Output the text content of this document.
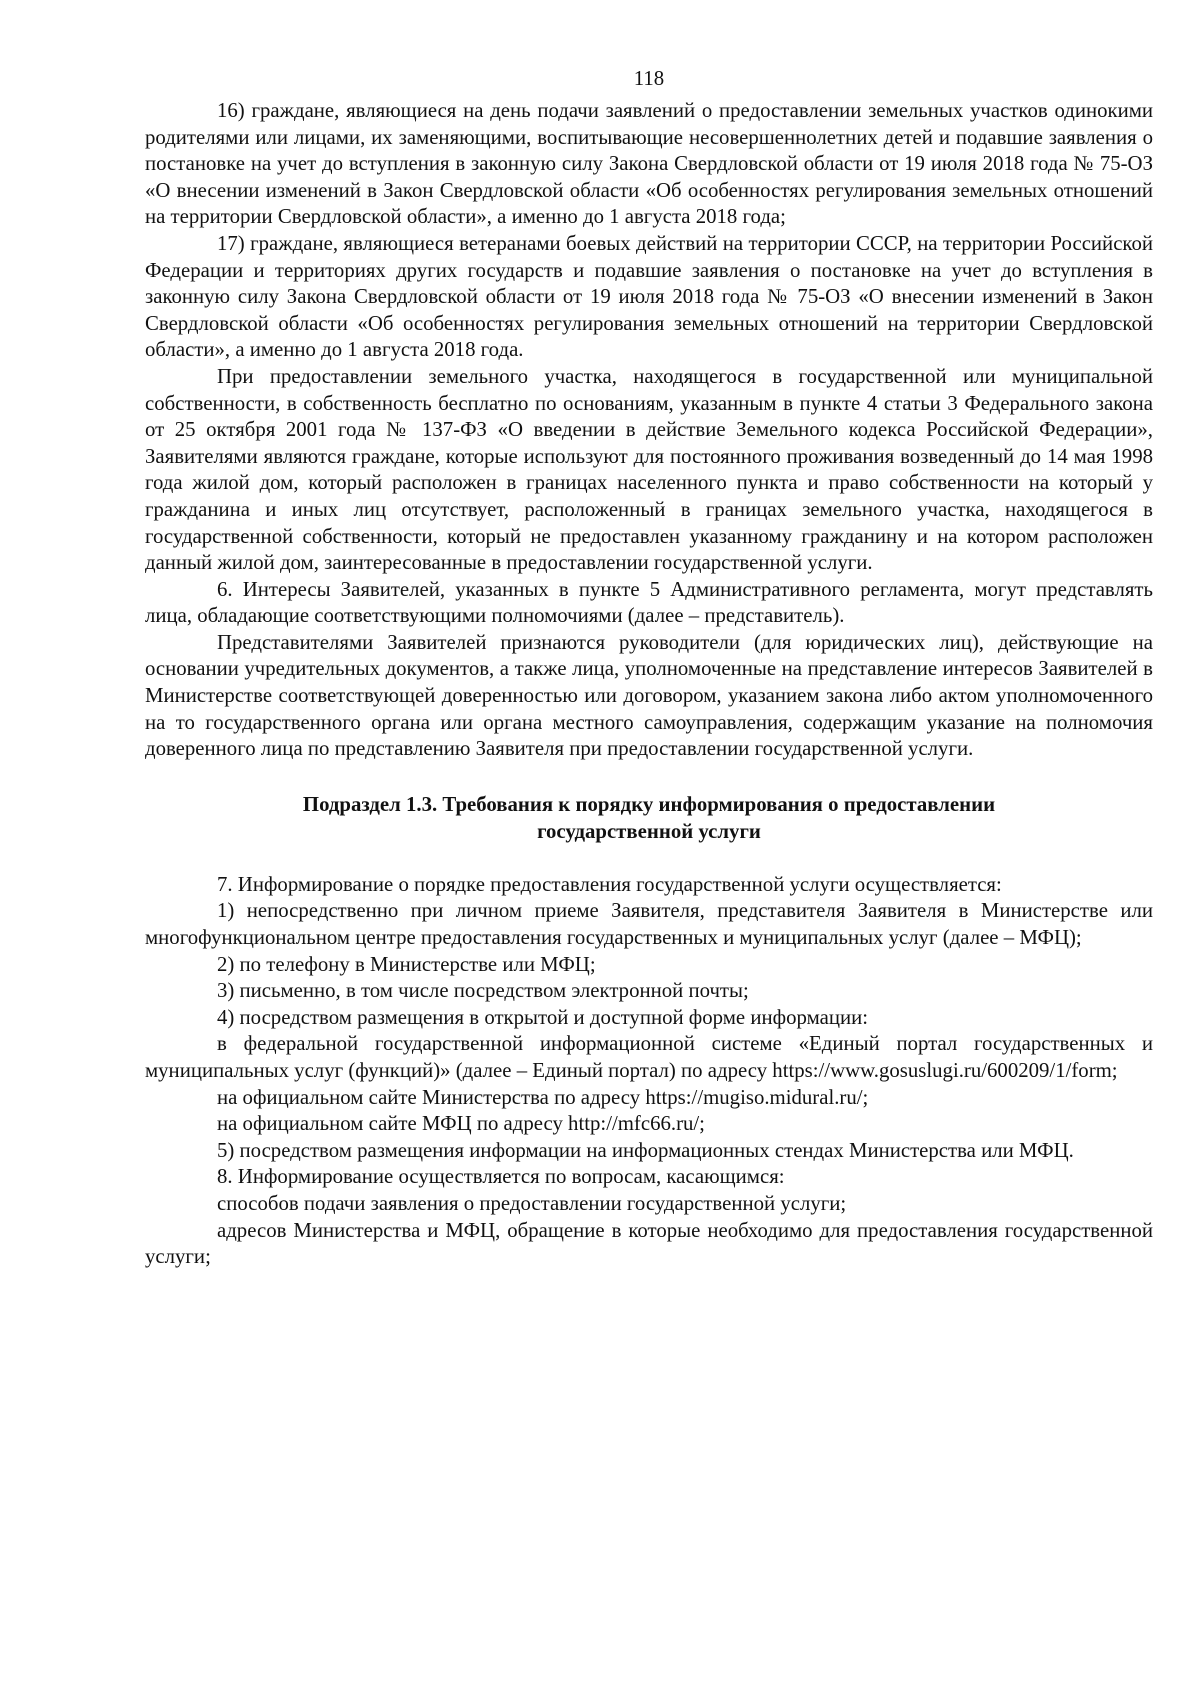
118

16) граждане, являющиеся на день подачи заявлений о предоставлении земельных участков одинокими родителями или лицами, их заменяющими, воспитывающие несовершеннолетних детей и подавшие заявления о постановке на учет до вступления в законную силу Закона Свердловской области от 19 июля 2018 года № 75-ОЗ «О внесении изменений в Закон Свердловской области «Об особенностях регулирования земельных отношений на территории Свердловской области», а именно до 1 августа 2018 года;

17) граждане, являющиеся ветеранами боевых действий на территории СССР, на территории Российской Федерации и территориях других государств и подавшие заявления о постановке на учет до вступления в законную силу Закона Свердловской области от 19 июля 2018 года № 75-ОЗ «О внесении изменений в Закон Свердловской области «Об особенностях регулирования земельных отношений на территории Свердловской области», а именно до 1 августа 2018 года.

При предоставлении земельного участка, находящегося в государственной или муниципальной собственности, в собственность бесплатно по основаниям, указанным в пункте 4 статьи 3 Федерального закона от 25 октября 2001 года № 137-ФЗ «О введении в действие Земельного кодекса Российской Федерации», Заявителями являются граждане, которые используют для постоянного проживания возведенный до 14 мая 1998 года жилой дом, который расположен в границах населенного пункта и право собственности на который у гражданина и иных лиц отсутствует, расположенный в границах земельного участка, находящегося в государственной собственности, который не предоставлен указанному гражданину и на котором расположен данный жилой дом, заинтересованные в предоставлении государственной услуги.

6. Интересы Заявителей, указанных в пункте 5 Административного регламента, могут представлять лица, обладающие соответствующими полномочиями (далее – представитель).

Представителями Заявителей признаются руководители (для юридических лиц), действующие на основании учредительных документов, а также лица, уполномоченные на представление интересов Заявителей в Министерстве соответствующей доверенностью или договором, указанием закона либо актом уполномоченного на то государственного органа или органа местного самоуправления, содержащим указание на полномочия доверенного лица по представлению Заявителя при предоставлении государственной услуги.

Подраздел 1.3. Требования к порядку информирования о предоставлении
государственной услуги

7. Информирование о порядке предоставления государственной услуги осуществляется:

1) непосредственно при личном приеме Заявителя, представителя Заявителя в Министерстве или многофункциональном центре предоставления государственных и муниципальных услуг (далее – МФЦ);

2) по телефону в Министерстве или МФЦ;

3) письменно, в том числе посредством электронной почты;

4) посредством размещения в открытой и доступной форме информации:

в федеральной государственной информационной системе «Единый портал государственных и муниципальных услуг (функций)» (далее – Единый портал) по адресу https://www.gosuslugi.ru/600209/1/form;

на официальном сайте Министерства по адресу https://mugiso.midural.ru/;

на официальном сайте МФЦ по адресу http://mfc66.ru/;

5) посредством размещения информации на информационных стендах Министерства или МФЦ.

8. Информирование осуществляется по вопросам, касающимся:

способов подачи заявления о предоставлении государственной услуги;

адресов Министерства и МФЦ, обращение в которые необходимо для предоставления государственной услуги;
